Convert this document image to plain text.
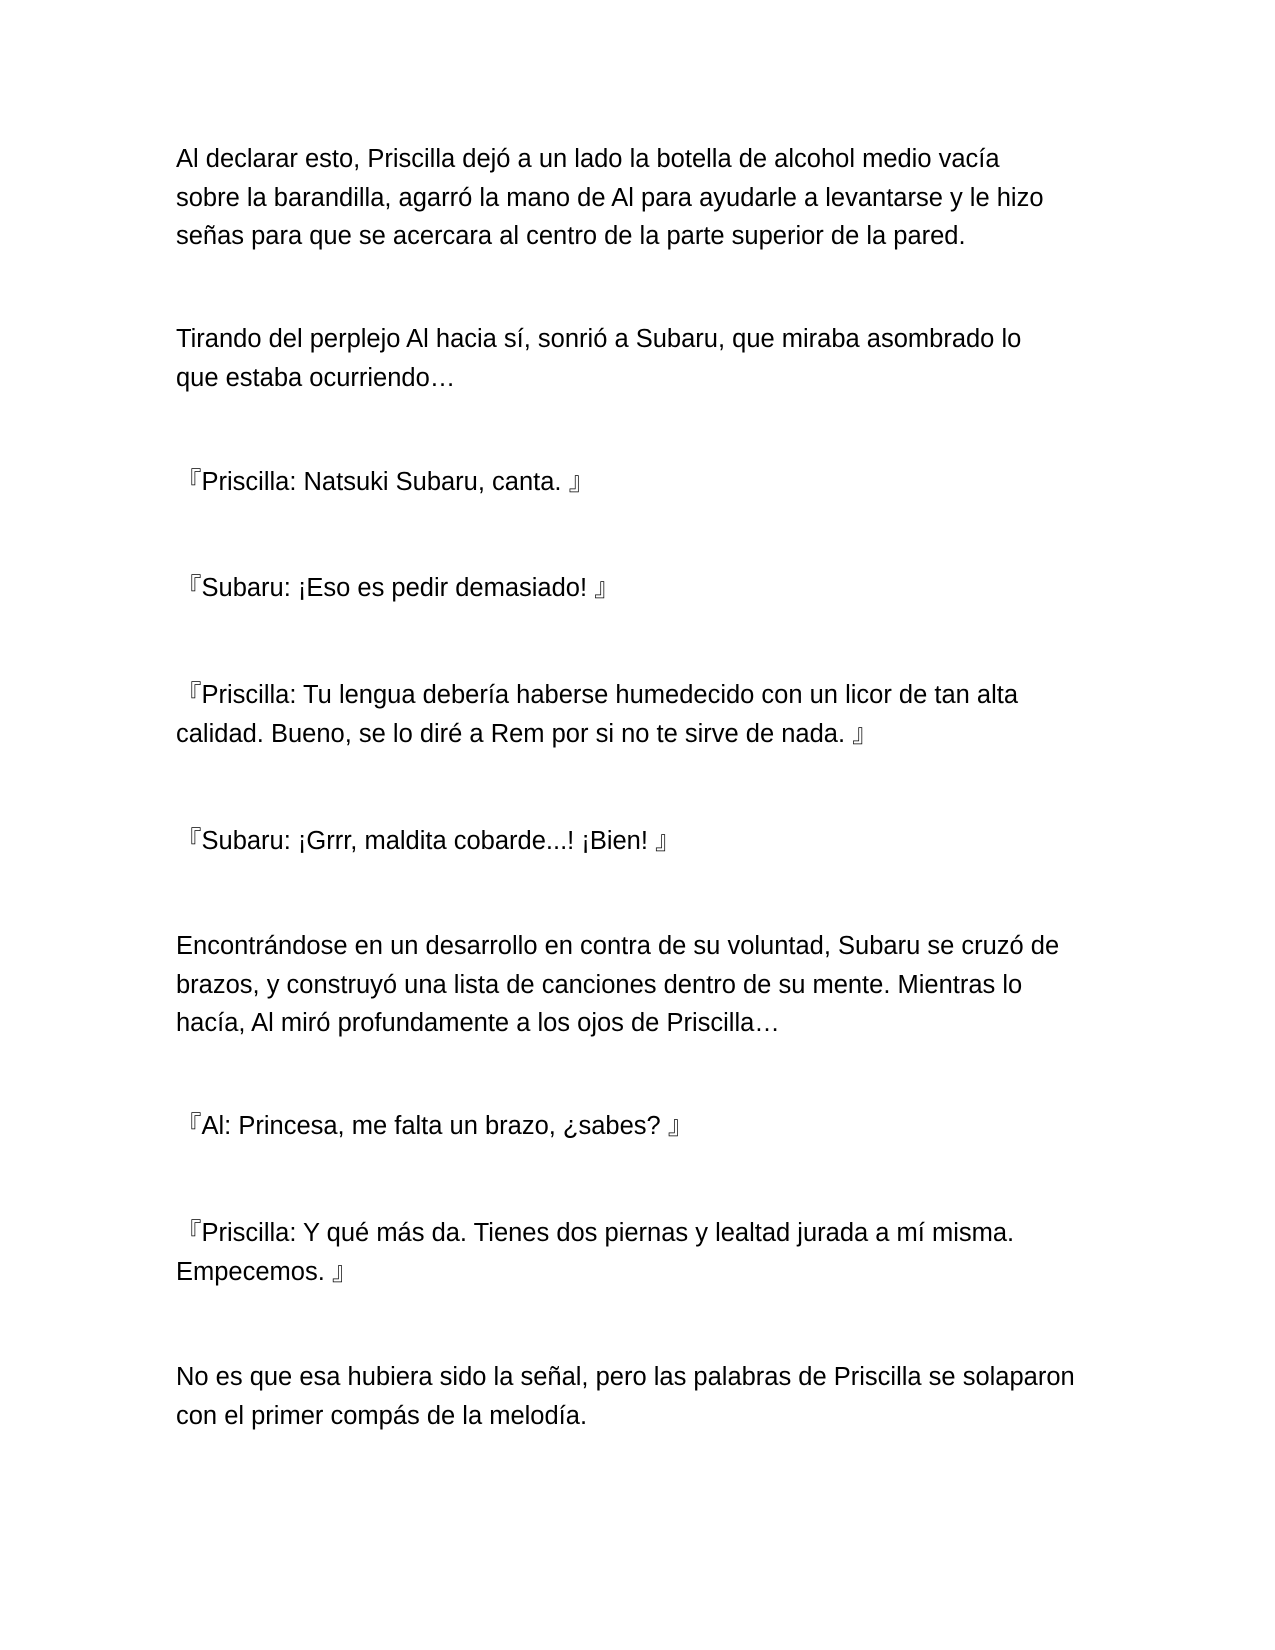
Al declarar esto, Priscilla dejó a un lado la botella de alcohol medio vacía
sobre la barandilla, agarró la mano de Al para ayudarle a levantarse y le hizo
señas para que se acercara al centro de la parte superior de la pared.

Tirando del perplejo Al hacia sí, sonrió a Subaru, que miraba asombrado lo
que estaba ocurriendo…

『Priscilla: Natsuki Subaru, canta. 』

『Subaru: ¡Eso es pedir demasiado! 』

『Priscilla: Tu lengua debería haberse humedecido con un licor de tan alta
calidad. Bueno, se lo diré a Rem por si no te sirve de nada. 』

『Subaru: ¡Grrr, maldita cobarde...! ¡Bien! 』

Encontrándose en un desarrollo en contra de su voluntad, Subaru se cruzó de
brazos, y construyó una lista de canciones dentro de su mente. Mientras lo
hacía, Al miró profundamente a los ojos de Priscilla…

『Al: Princesa, me falta un brazo, ¿sabes? 』

『Priscilla: Y qué más da. Tienes dos piernas y lealtad jurada a mí misma.
Empecemos. 』

No es que esa hubiera sido la señal, pero las palabras de Priscilla se solaparon
con el primer compás de la melodía.
